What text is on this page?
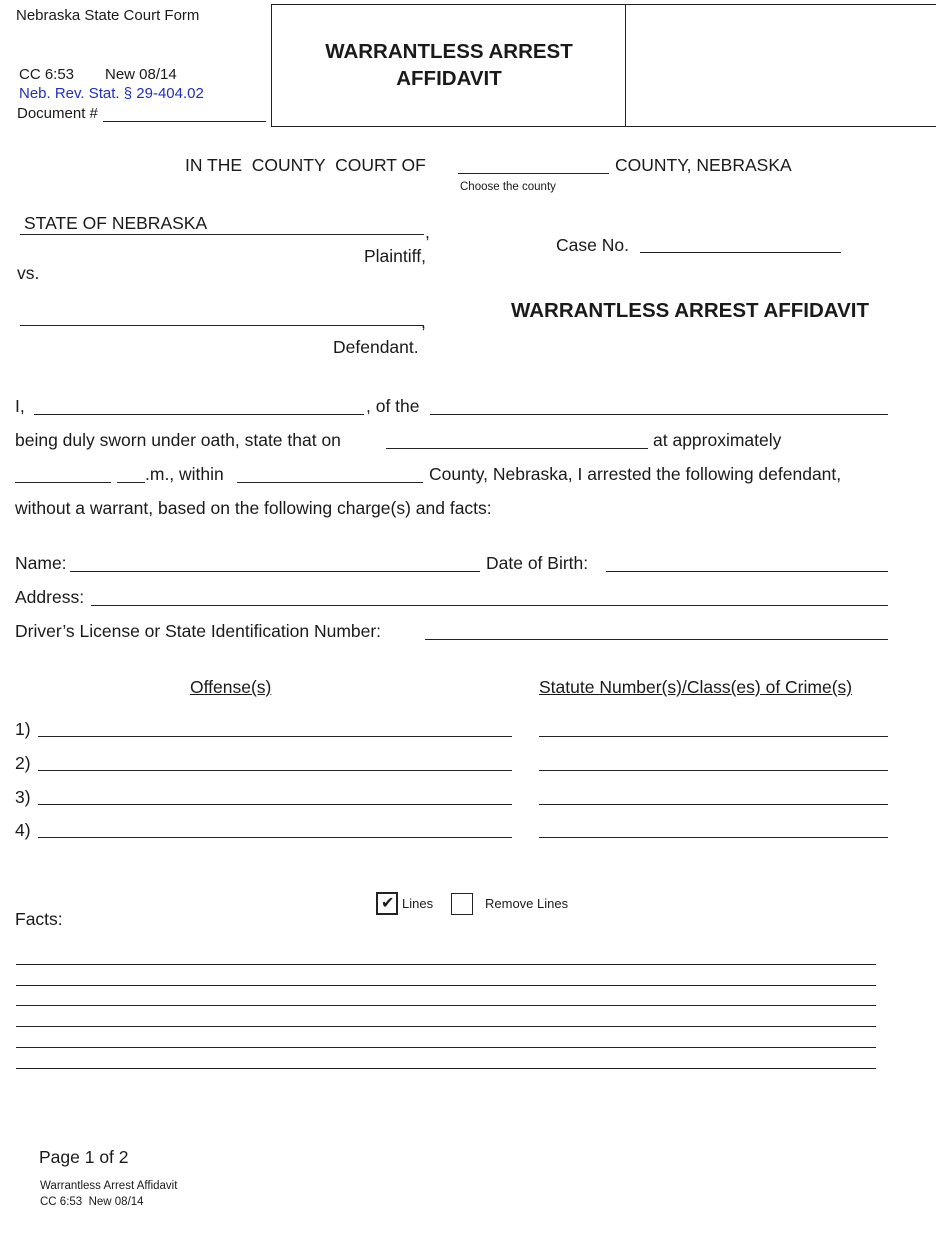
Nebraska State Court Form
CC 6:53 New 08/14
Neb. Rev. Stat. § 29-404.02
Document #
WARRANTLESS ARREST
AFFIDAVIT
IN THE  COUNTY  COURT OF	COUNTY, NEBRASKA
Choose the county
STATE OF NEBRASKA	,
Plaintiff,
vs.
,
Defendant.
Case No.
WARRANTLESS ARREST AFFIDAVIT
I,	, of the
being duly sworn under oath, state that on	at approximately
.m., within	County, Nebraska, I arrested the following defendant,
without a warrant, based on the following charge(s) and facts:
Name:	Date of Birth:
Address:
Driver’s License or State Identification Number:
Offense(s)	Statute Number(s)/Class(es) of Crime(s)
1)
2)
3)
4)
✔ Lines	Remove Lines
Facts:
Page 1 of 2
Warrantless Arrest Affidavit
CC 6:53  New 08/14
